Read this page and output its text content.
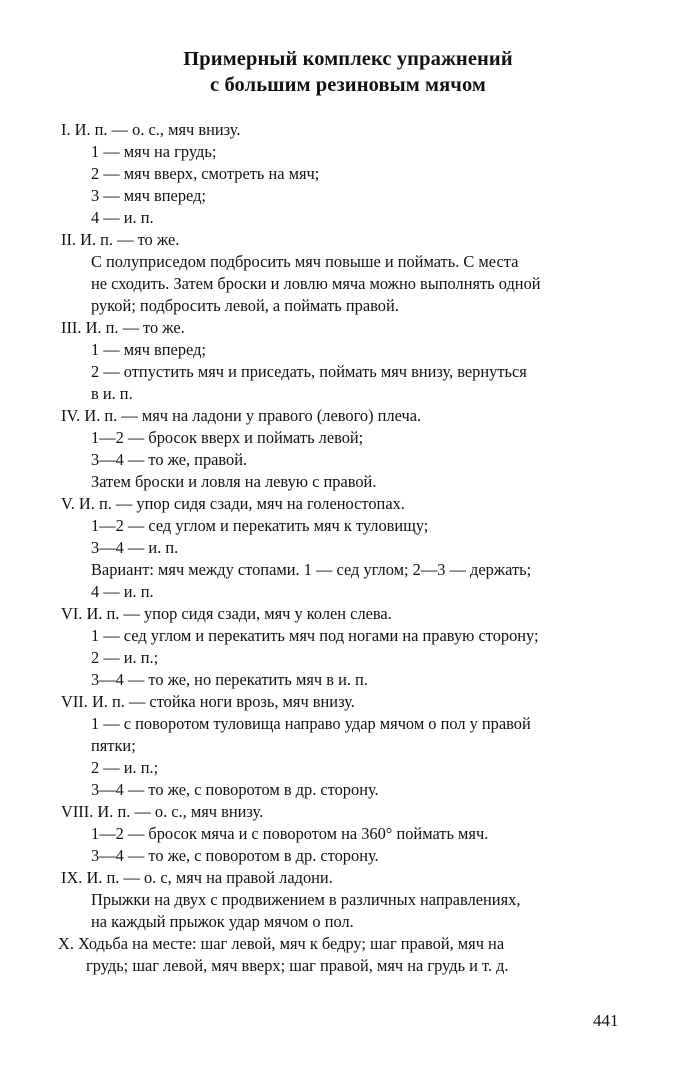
Примерный комплекс упражнений
с большим резиновым мячом
I. И. п. — о. с., мяч внизу.
1 — мяч на грудь;
2 — мяч вверх, смотреть на мяч;
3 — мяч вперед;
4 — и. п.
II. И. п. — то же.
С полуприседом подбросить мяч повыше и поймать. С места
не сходить. Затем броски и ловлю мяча можно выполнять одной
рукой; подбросить левой, а поймать правой.
III. И. п. — то же.
1 — мяч вперед;
2 — отпустить мяч и приседать, поймать мяч внизу, вернуться
в и. п.
IV. И. п. — мяч на ладони у правого (левого) плеча.
1—2 — бросок вверх и поймать левой;
3—4 — то же, правой.
Затем броски и ловля на левую с правой.
V. И. п. — упор сидя сзади, мяч на голеностопах.
1—2 — сед углом и перекатить мяч к туловищу;
3—4 — и. п.
Вариант: мяч между стопами. 1 — сед углом; 2—3 — держать;
4 — и. п.
VI. И. п. — упор сидя сзади, мяч у колен слева.
1 — сед углом и перекатить мяч под ногами на правую сторону;
2 — и. п.;
3—4 — то же, но перекатить мяч в и. п.
VII. И. п. — стойка ноги врозь, мяч внизу.
1 — с поворотом туловища направо удар мячом о пол у правой
пятки;
2 — и. п.;
3—4 — то же, с поворотом в др. сторону.
VIII. И. п. — о. с., мяч внизу.
1—2 — бросок мяча и с поворотом на 360° поймать мяч.
3—4 — то же, с поворотом в др. сторону.
IX. И. п. — о. с, мяч на правой ладони.
Прыжки на двух с продвижением в различных направлениях,
на каждый прыжок удар мячом о пол.
X. Ходьба на месте: шаг левой, мяч к бедру; шаг правой, мяч на
грудь; шаг левой, мяч вверх; шаг правой, мяч на грудь и т. д.
441
